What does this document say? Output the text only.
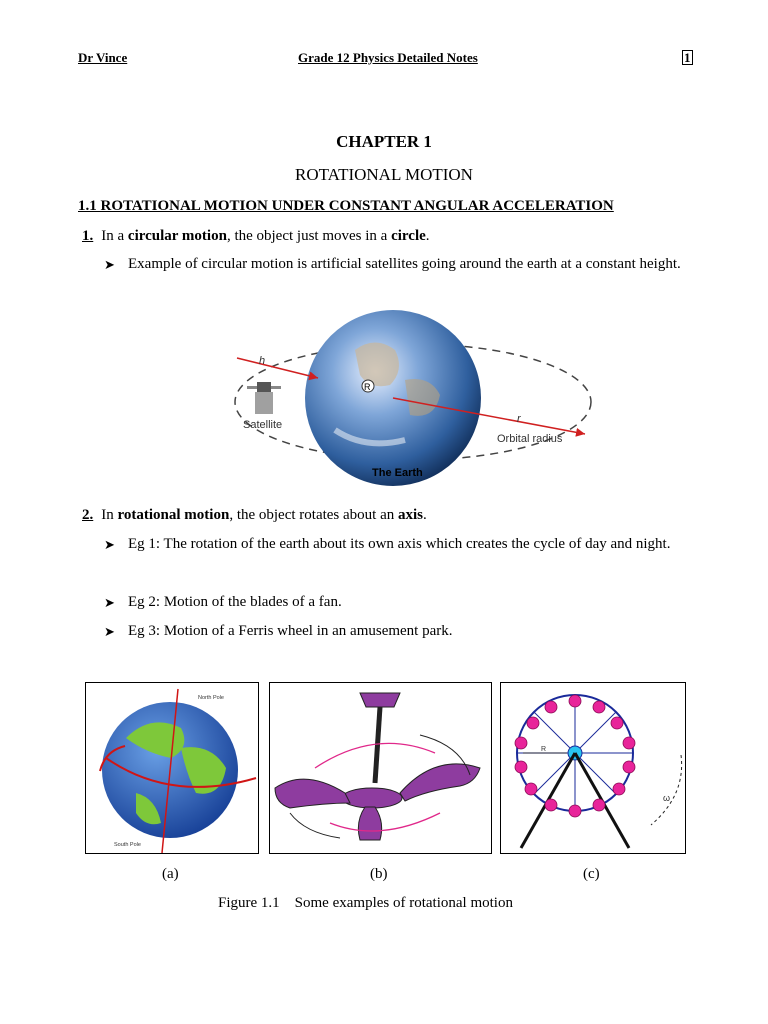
Dr Vince	Grade 12 Physics Detailed Notes	1
CHAPTER 1
ROTATIONAL MOTION
1.1 ROTATIONAL MOTION UNDER CONSTANT ANGULAR ACCELERATION
1. In a circular motion, the object just moves in a circle.
➤ Example of circular motion is artificial satellites going around the earth at a constant height.
R
h
r
Satellite
Orbital radius
The Earth
2. In rotational motion, the object rotates about an axis.
➤ Eg 1: The rotation of the earth about its own axis which creates the cycle of day and night.
➤ Eg 2: Motion of the blades of a fan.
➤ Eg 3: Motion of a Ferris wheel in an amusement park.
North Pole
South Pole
R
ω
(a)	(b)	(c)
Figure 1.1    Some examples of rotational motion
